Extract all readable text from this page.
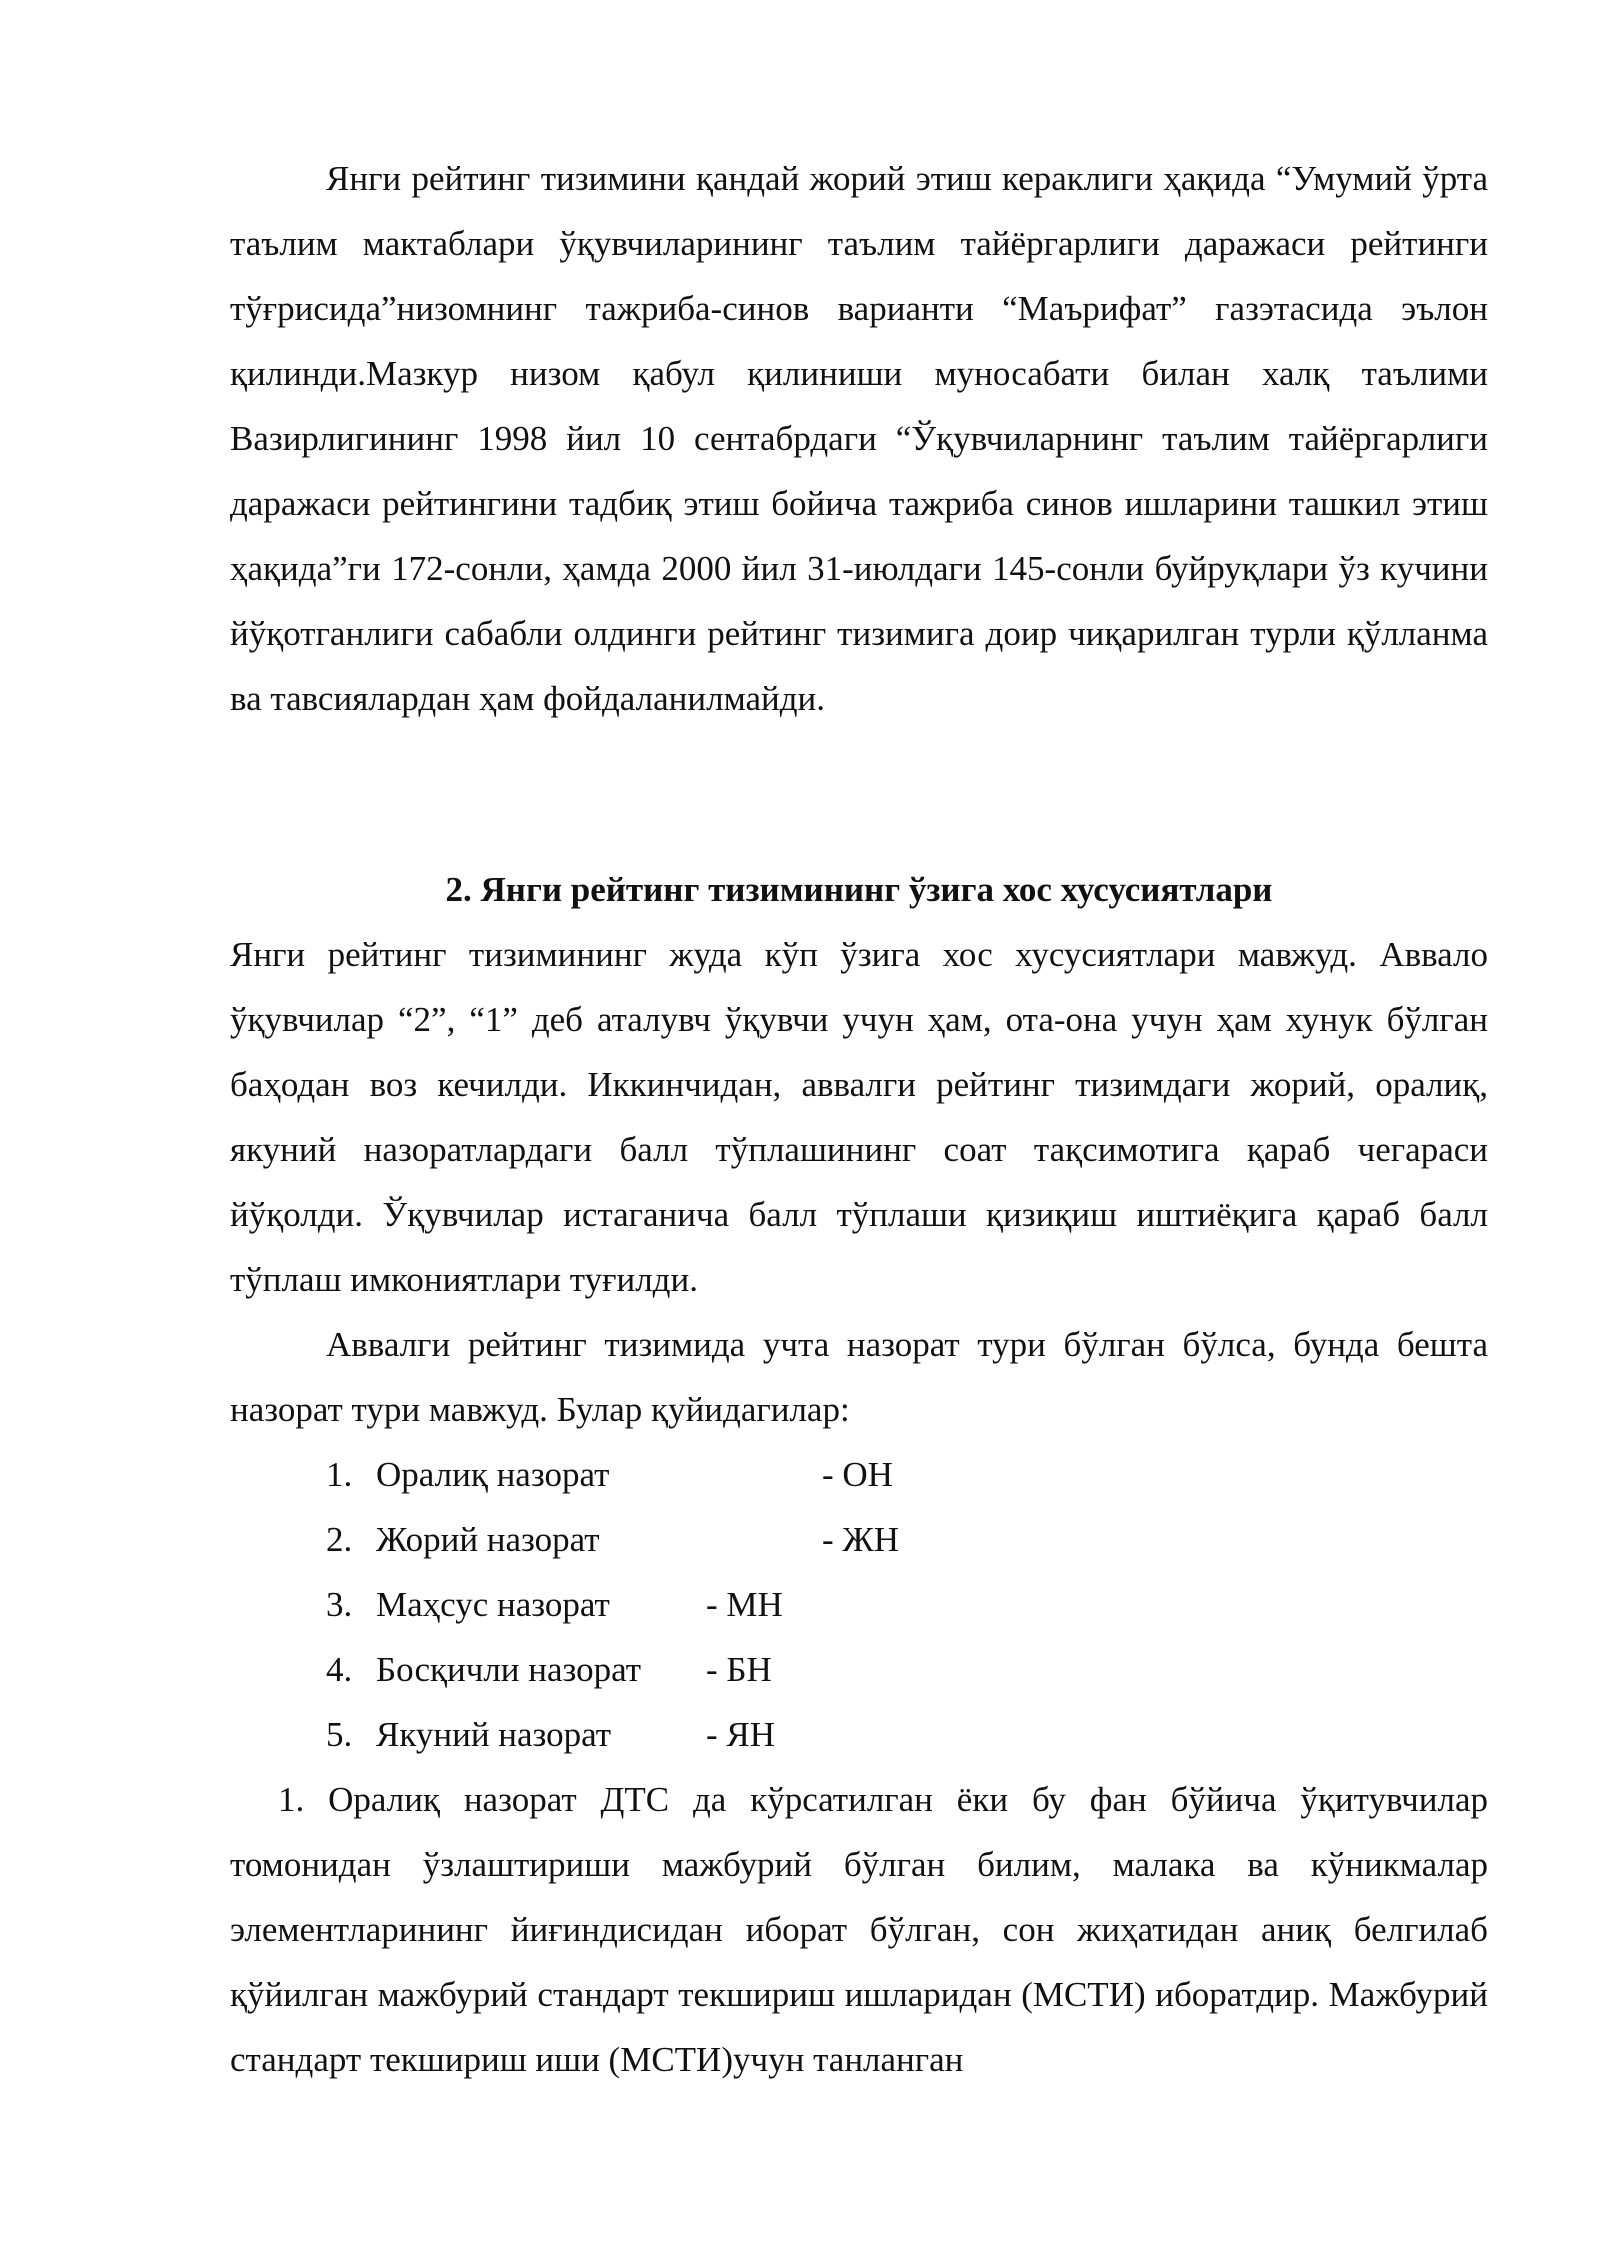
Янги рейтинг тизимини қандай жорий этиш кераклиги ҳақида “Умумий ўрта таълим мактаблари ўқувчиларининг таълим тайёргарлиги даражаси рейтинги тўғрисида”низомнинг тажриба-синов варианти “Маърифат” газэтасида эълон қилинди.Мазкур низом қабул қилиниши муносабати билан халқ таълими Вазирлигининг 1998 йил 10 сентабрдаги “Ўқувчиларнинг таълим тайёргарлиги даражаси рейтингини тадбиқ этиш бойича тажриба синов ишларини ташкил этиш ҳақида”ги 172-сонли, ҳамда 2000 йил 31-июлдаги 145-сонли буйруқлари ўз кучини йўқотганлиги сабабли олдинги рейтинг тизимига доир чиқарилган турли қўлланма ва тавсиялардан ҳам фойдаланилмайди.

2. Янги рейтинг тизимининг ўзига хос хусусиятлари

Янги рейтинг тизимининг жуда кўп ўзига хос хусусиятлари мавжуд. Аввало ўқувчилар “2”, “1” деб аталувч ўқувчи учун ҳам, ота-она учун ҳам хунук бўлган баҳодан воз кечилди. Иккинчидан, аввалги рейтинг тизимдаги жорий, оралиқ, якуний назоратлардаги балл тўплашининг соат тақсимотига қараб чегараси йўқолди. Ўқувчилар истаганича балл тўплаши қизиқиш иштиёқига қараб балл тўплаш имкониятлари туғилди.

Аввалги рейтинг тизимида учта назорат тури бўлган бўлса, бунда бешта назорат тури мавжуд. Булар қуйидагилар:

1. Оралиқ назорат	- ОН
2. Жорий назорат	- ЖН
3. Маҳсус назорат	- МН
4. Босқичли назорат - БН
5. Якуний назорат	- ЯН

1. Оралиқ назорат ДТС да кўрсатилган ёки бу фан бўйича ўқитувчилар томонидан ўзлаштириши мажбурий бўлган билим, малака ва кўникмалар элементларининг йиғиндисидан иборат бўлган, сон жиҳатидан аниқ белгилаб қўйилган мажбурий стандарт текшириш ишларидан (МСТИ) иборатдир. Мажбурий стандарт текшириш иши (МСТИ)учун танланган
